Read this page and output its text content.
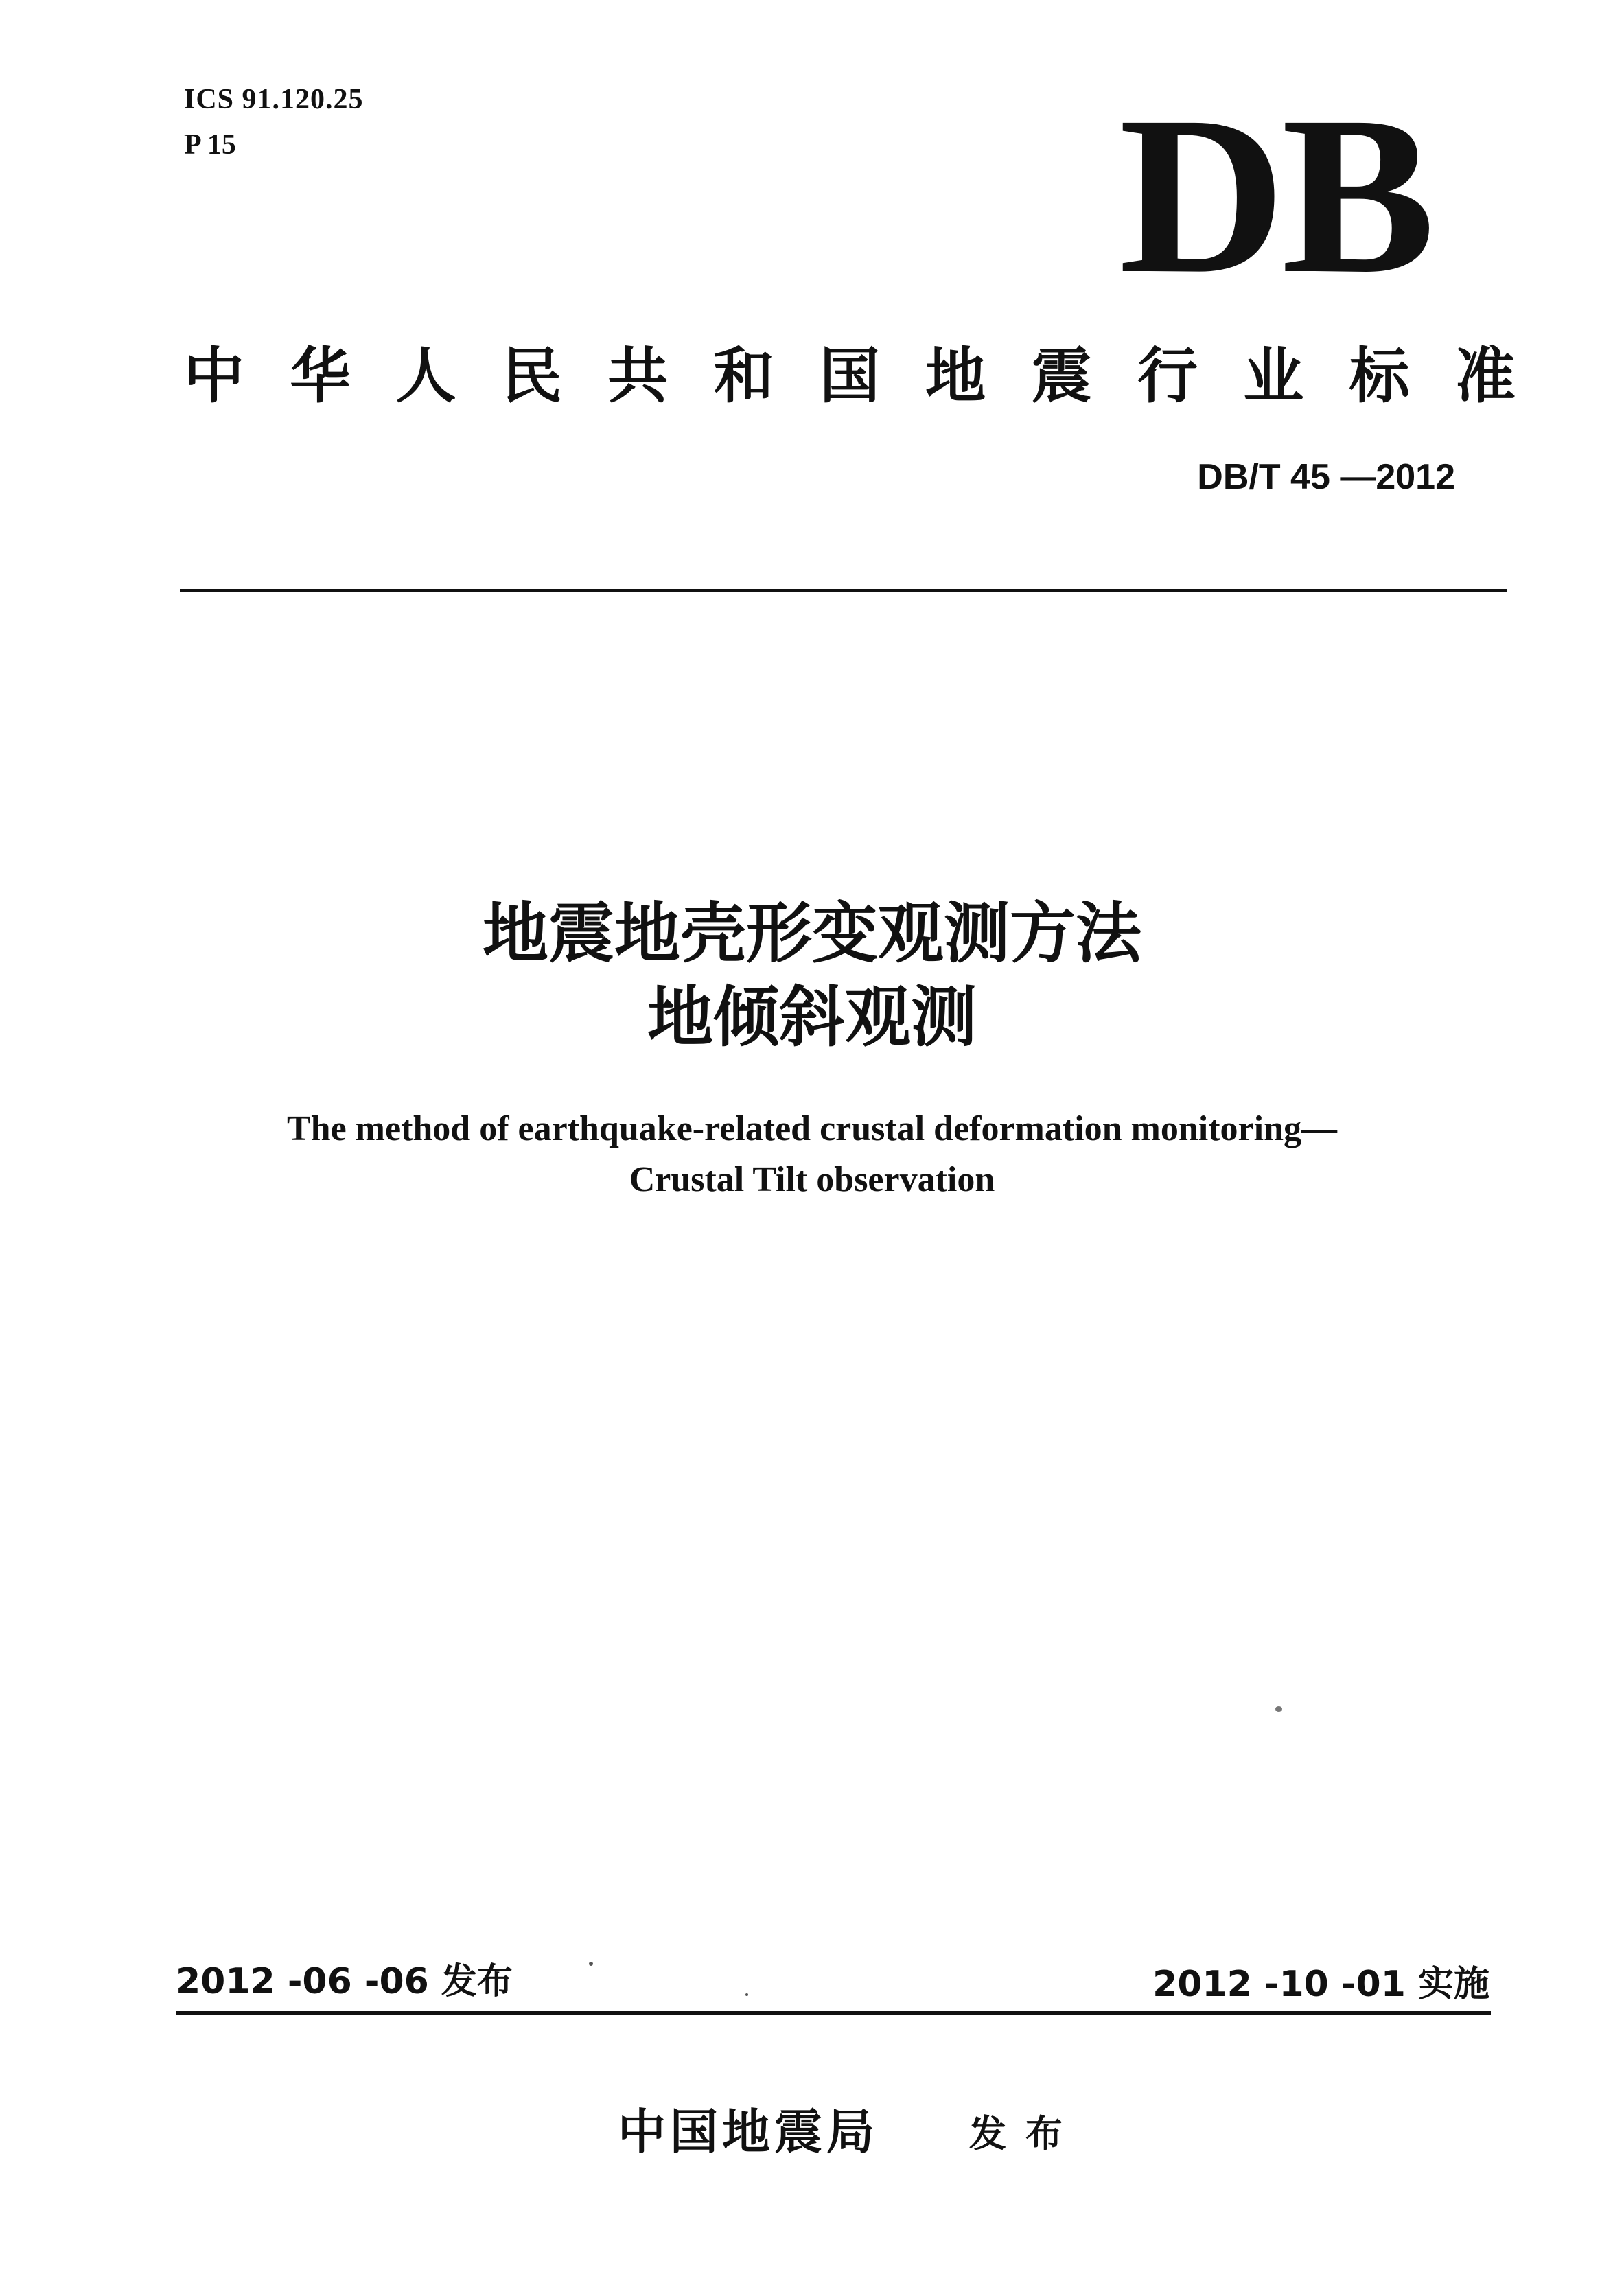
ICS 91.120.25
P 15	DB
中 华 人 民 共 和 国 地 震 行 业 标 准
DB/T 45 —2012
地震地壳形变观测方法
地倾斜观测
The method of earthquake-related crustal deformation monitoring—
Crustal Tilt observation
2012 -06 -06 发布	2012 -10 -01 实施
中国地震局 发布
